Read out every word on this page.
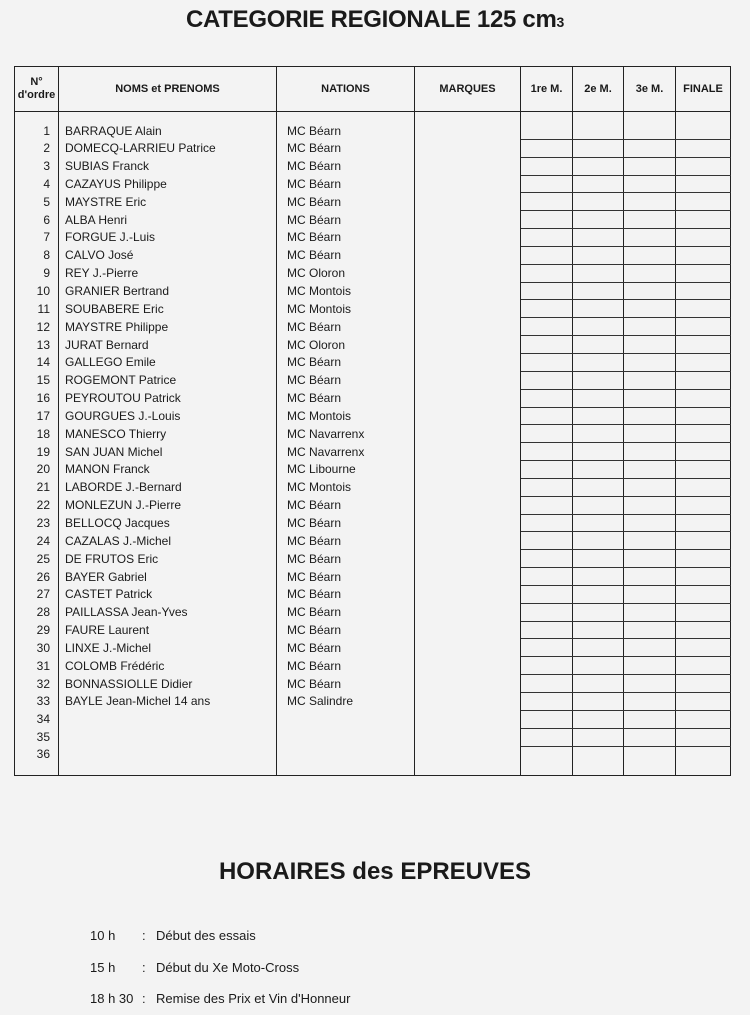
CATEGORIE REGIONALE 125 cm3
N° d'ordre	NOMS et PRENOMS	NATIONS	MARQUES	1re M.	2e M.	3e M.	FINALE
1	BARRAQUE Alain	MC Béarn					
2	DOMECQ-LARRIEU Patrice	MC Béarn					
3	SUBIAS Franck	MC Béarn					
4	CAZAYUS Philippe	MC Béarn					
5	MAYSTRE Eric	MC Béarn					
6	ALBA Henri	MC Béarn					
7	FORGUE J.-Luis	MC Béarn					
8	CALVO José	MC Béarn					
9	REY J.-Pierre	MC Oloron					
10	GRANIER Bertrand	MC Montois					
11	SOUBABERE Eric	MC Montois					
12	MAYSTRE Philippe	MC Béarn					
13	JURAT Bernard	MC Oloron					
14	GALLEGO Emile	MC Béarn					
15	ROGEMONT Patrice	MC Béarn					
16	PEYROUTOU Patrick	MC Béarn					
17	GOURGUES J.-Louis	MC Montois					
18	MANESCO Thierry	MC Navarrenx					
19	SAN JUAN Michel	MC Navarrenx					
20	MANON Franck	MC Libourne					
21	LABORDE J.-Bernard	MC Montois					
22	MONLEZUN J.-Pierre	MC Béarn					
23	BELLOCQ Jacques	MC Béarn					
24	CAZALAS J.-Michel	MC Béarn					
25	DE FRUTOS Eric	MC Béarn					
26	BAYER Gabriel	MC Béarn					
27	CASTET Patrick	MC Béarn					
28	PAILLASSA Jean-Yves	MC Béarn					
29	FAURE Laurent	MC Béarn					
30	LINXE J.-Michel	MC Béarn					
31	COLOMB Frédéric	MC Béarn					
32	BONNASSIOLLE Didier	MC Béarn					
33	BAYLE Jean-Michel 14 ans	MC Salindre					
34							
35							
36							
HORAIRES des EPREUVES
10 h : Début des essais
15 h : Début du Xe Moto-Cross
18 h 30 : Remise des Prix et Vin d'Honneur
